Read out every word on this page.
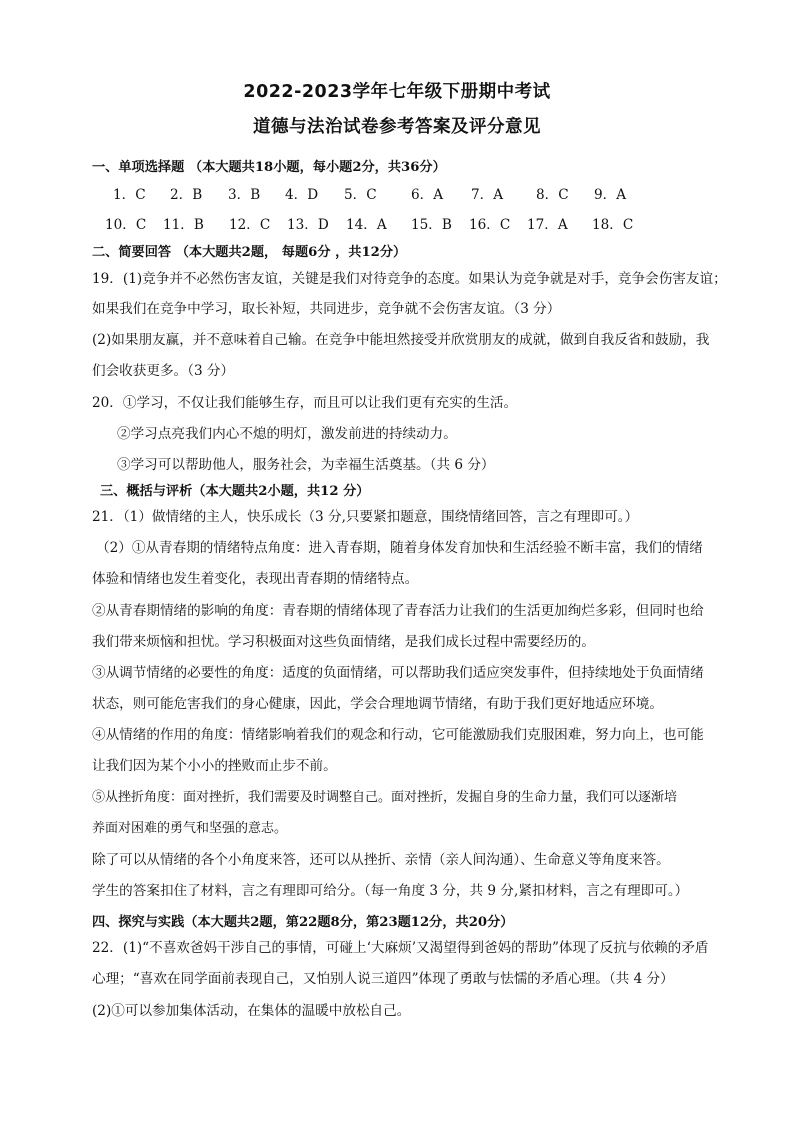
2022-2023学年七年级下册期中考试
道德与法治试卷参考答案及评分意见
一、单项选择题 （本大题共18小题，每小题2分，共36分）
1．C 2．B 3．B 4．D 5．C	6．A 7．A 8．C 9．A
10．C 11．B 12．C 13．D 14．A 15．B 16．C 17．A 18．C
二、简要回答 （本大题共2题， 每题6分 ，共12分）
19．(1)竞争并不必然伤害友谊，关键是我们对待竞争的态度。如果认为竞争就是对手，竞争会伤害友谊；
如果我们在竞争中学习，取长补短，共同进步，竞争就不会伤害友谊。（3 分）
(2)如果朋友赢，并不意味着自己输。在竞争中能坦然接受并欣赏朋友的成就，做到自我反省和鼓励，我
们会收获更多。（3 分）
20．①学习，不仅让我们能够生存，而且可以让我们更有充实的生活。
②学习点亮我们内心不熄的明灯，激发前进的持续动力。
③学习可以帮助他人，服务社会，为幸福生活奠基。（共 6 分）
三、概括与评析（本大题共2小题，共12 分）
21．（1）做情绪的主人，快乐成长（3 分,只要紧扣题意，围绕情绪回答，言之有理即可。）
（2）①从青春期的情绪特点角度：进入青春期，随着身体发育加快和生活经验不断丰富，我们的情绪
体验和情绪也发生着变化，表现出青春期的情绪特点。
②从青春期情绪的影响的角度：青春期的情绪体现了青春活力让我们的生活更加绚烂多彩，但同时也给
我们带来烦恼和担忧。学习积极面对这些负面情绪，是我们成长过程中需要经历的。
③从调节情绪的必要性的角度：适度的负面情绪，可以帮助我们适应突发事件，但持续地处于负面情绪
状态，则可能危害我们的身心健康，因此，学会合理地调节情绪，有助于我们更好地适应环境。
④从情绪的作用的角度：情绪影响着我们的观念和行动，它可能激励我们克服困难，努力向上，也可能
让我们因为某个小小的挫败而止步不前。
⑤从挫折角度：面对挫折，我们需要及时调整自己。面对挫折，发掘自身的生命力量，我们可以逐渐培
养面对困难的勇气和坚强的意志。
除了可以从情绪的各个小角度来答，还可以从挫折、亲情（亲人间沟通）、生命意义等角度来答。
学生的答案扣住了材料，言之有理即可给分。（每一角度 3 分，共 9 分,紧扣材料，言之有理即可。）
四、探究与实践（本大题共2题，第22题8分，第23题12分，共20分）
22．(1)“不喜欢爸妈干涉自己的事情，可碰上‘大麻烦’又渴望得到爸妈的帮助”体现了反抗与依赖的矛盾
心理；“喜欢在同学面前表现自己，又怕别人说三道四”体现了勇敢与怯懦的矛盾心理。（共 4 分）
(2)①可以参加集体活动，在集体的温暖中放松自己。
